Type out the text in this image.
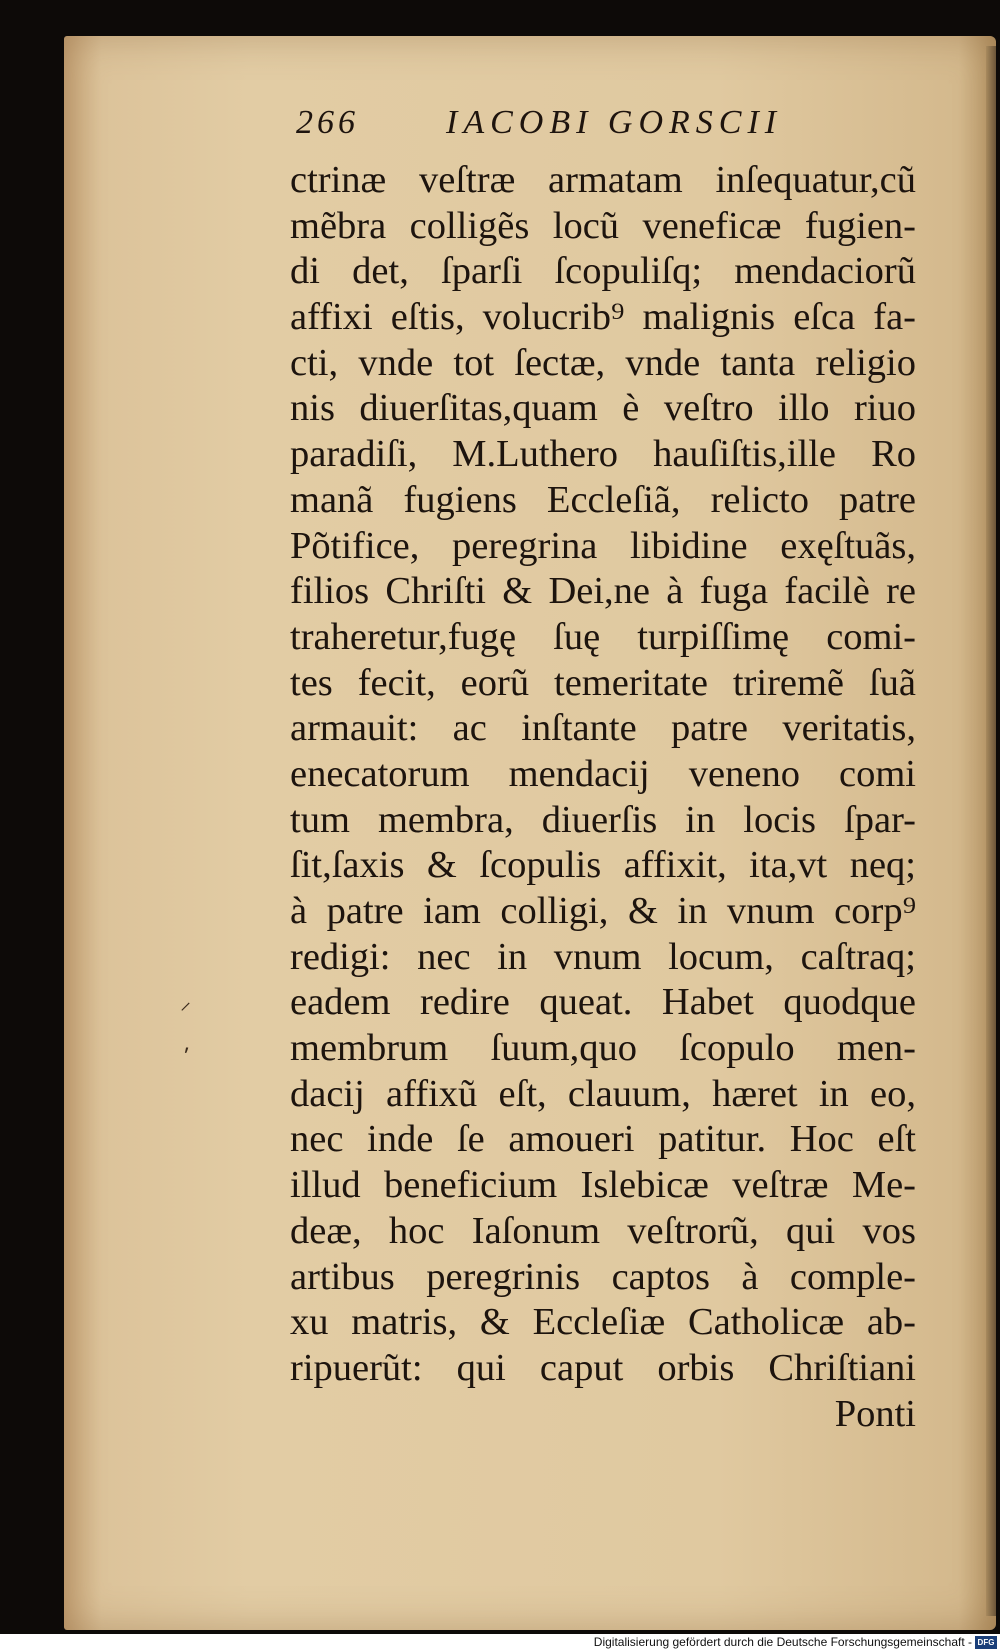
266	IACOBI GORSCII
ctrinæ veſtræ armatam inſequatur,cũ
mẽbra colligẽs locũ veneficæ fugien-
di det, ſparſi ſcopuliſq; mendaciorũ
affixi eſtis, volucrib⁹ malignis eſca fa-
cti, vnde tot ſectæ, vnde tanta religio
nis diuerſitas,quam è veſtro illo riuo
paradiſi, M.Luthero hauſiſtis,ille Ro
manã fugiens Eccleſiã, relicto patre
Põtifice, peregrina libidine exęſtuãs,
filios Chriſti & Dei,ne à fuga facilè re
traheretur,fugę ſuę turpiſſimę comi-
tes fecit, eorũ temeritate triremẽ ſuã
armauit: ac inſtante patre veritatis,
enecatorum mendacij veneno comi
tum membra, diuerſis in locis ſpar-
ſit,ſaxis & ſcopulis affixit, ita,vt neq;
à patre iam colligi, & in vnum corp⁹
redigi: nec in vnum locum, caſtraq;
eadem redire queat. Habet quodque
membrum ſuum,quo ſcopulo men-
dacij affixũ eſt, clauum, hæret in eo,
nec inde ſe amoueri patitur. Hoc eſt
illud beneficium Islebicæ veſtræ Me-
deæ, hoc Iaſonum veſtrorũ, qui vos
artibus peregrinis captos à comple-
xu matris, & Eccleſiæ Catholicæ ab-
ripuerũt: qui caput orbis Chriſtiani
Ponti
⸝
⸴
Digitalisierung gefördert durch die Deutsche Forschungsgemeinschaft - DFG
